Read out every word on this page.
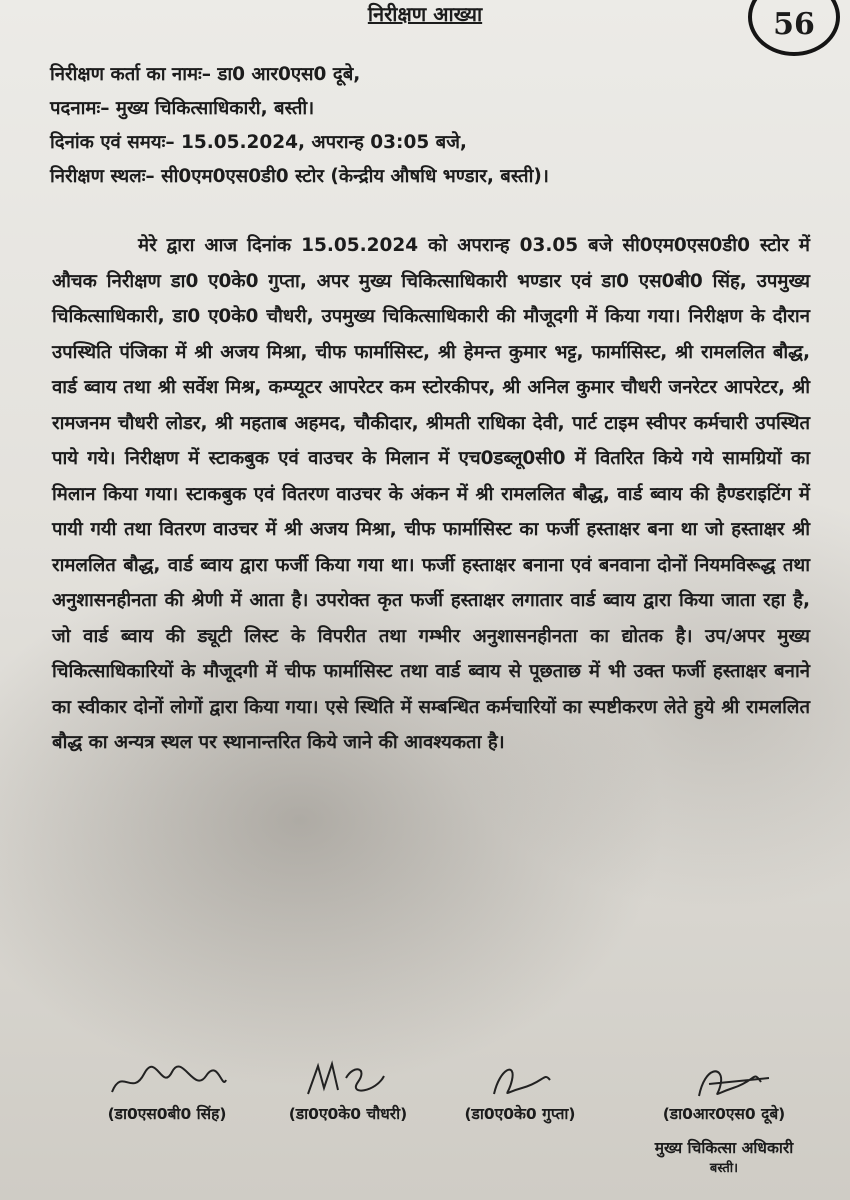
निरीक्षण आख्या	56
निरीक्षण कर्ता का नामः– डा0 आर0एस0 दूबे,
पदनामः– मुख्य चिकित्साधिकारी, बस्ती।
दिनांक एवं समयः– 15.05.2024, अपरान्ह 03:05 बजे,
निरीक्षण स्थलः– सी0एम0एस0डी0 स्टोर (केन्द्रीय औषधि भण्डार, बस्ती)।
मेरे द्वारा आज दिनांक 15.05.2024 को अपरान्ह 03.05 बजे सी0एम0एस0डी0 स्टोर में औचक निरीक्षण डा0 ए0के0 गुप्ता, अपर मुख्य चिकित्साधिकारी भण्डार एवं डा0 एस0बी0 सिंह, उपमुख्य चिकित्साधिकारी, डा0 ए0के0 चौधरी, उपमुख्य चिकित्साधिकारी की मौजूदगी में किया गया। निरीक्षण के दौरान उपस्थिति पंजिका में श्री अजय मिश्रा, चीफ फार्मासिस्ट, श्री हेमन्त कुमार भट्ट, फार्मासिस्ट, श्री रामललित बौद्ध, वार्ड ब्वाय तथा श्री सर्वेश मिश्र, कम्प्यूटर आपरेटर कम स्टोरकीपर, श्री अनिल कुमार चौधरी जनरेटर आपरेटर, श्री रामजनम चौधरी लोडर, श्री महताब अहमद, चौकीदार, श्रीमती राधिका देवी, पार्ट टाइम स्वीपर कर्मचारी उपस्थित पाये गये। निरीक्षण में स्टाकबुक एवं वाउचर के मिलान में एच0डब्लू0सी0 में वितरित किये गये सामग्रियों का मिलान किया गया। स्टाकबुक एवं वितरण वाउचर के अंकन में श्री रामललित बौद्ध, वार्ड ब्वाय की हैण्डराइटिंग में पायी गयी तथा वितरण वाउचर में श्री अजय मिश्रा, चीफ फार्मासिस्ट का फर्जी हस्ताक्षर बना था जो हस्ताक्षर श्री रामललित बौद्ध, वार्ड ब्वाय द्वारा फर्जी किया गया था। फर्जी हस्ताक्षर बनाना एवं बनवाना दोनों नियमविरूद्ध तथा अनुशासनहीनता की श्रेणी में आता है। उपरोक्त कृत फर्जी हस्ताक्षर लगातार वार्ड ब्वाय द्वारा किया जाता रहा है, जो वार्ड ब्वाय की ड्यूटी लिस्ट के विपरीत तथा गम्भीर अनुशासनहीनता का द्योतक है। उप/अपर मुख्य चिकित्साधिकारियों के मौजूदगी में चीफ फार्मासिस्ट तथा वार्ड ब्वाय से पूछताछ में भी उक्त फर्जी हस्ताक्षर बनाने का स्वीकार दोनों लोगों द्वारा किया गया। एसे स्थिति में सम्बन्धित कर्मचारियों का स्पष्टीकरण लेते हुये श्री रामललित बौद्ध का अन्यत्र स्थल पर स्थानान्तरित किये जाने की आवश्यकता है।
(डा0एस0बी0 सिंह)	(डा0ए0के0 चौधरी)	(डा0ए0के0 गुप्ता)	(डा0आर0एस0 दूबे)
मुख्य चिकित्सा अधिकारी
बस्ती।
